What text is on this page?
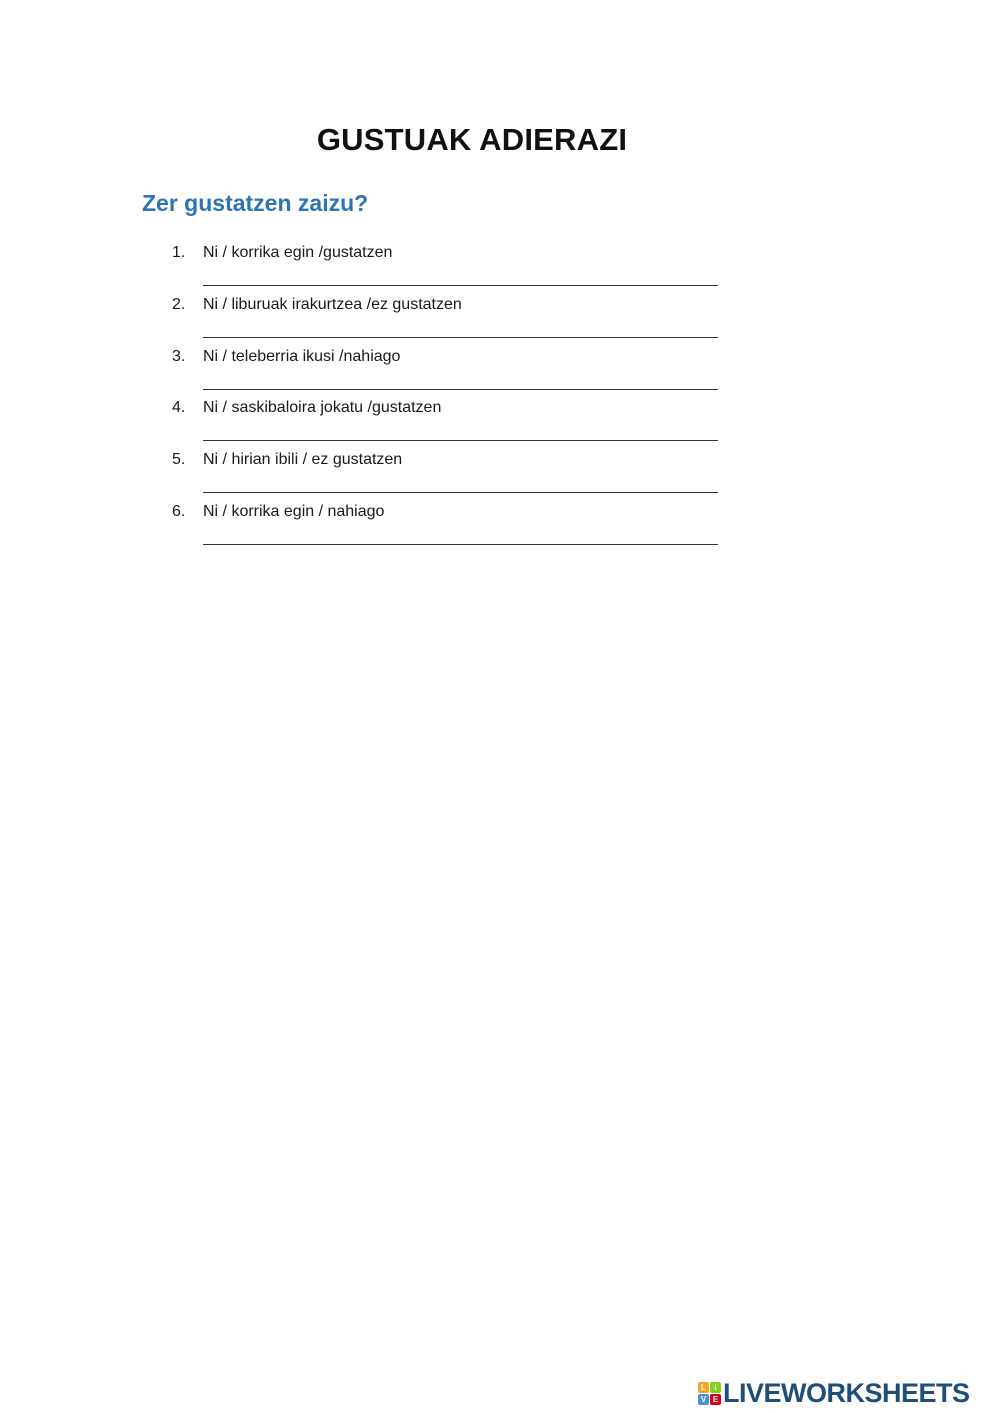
GUSTUAK ADIERAZI
Zer gustatzen zaizu?
1. Ni / korrika egin /gustatzen
2. Ni / liburuak irakurtzea /ez gustatzen
3. Ni / teleberria ikusi /nahiago
4. Ni / saskibaloira jokatu /gustatzen
5. Ni / hirian ibili / ez gustatzen
6. Ni / korrika egin / nahiago
L	I
V E LIVEWORKSHEETS
